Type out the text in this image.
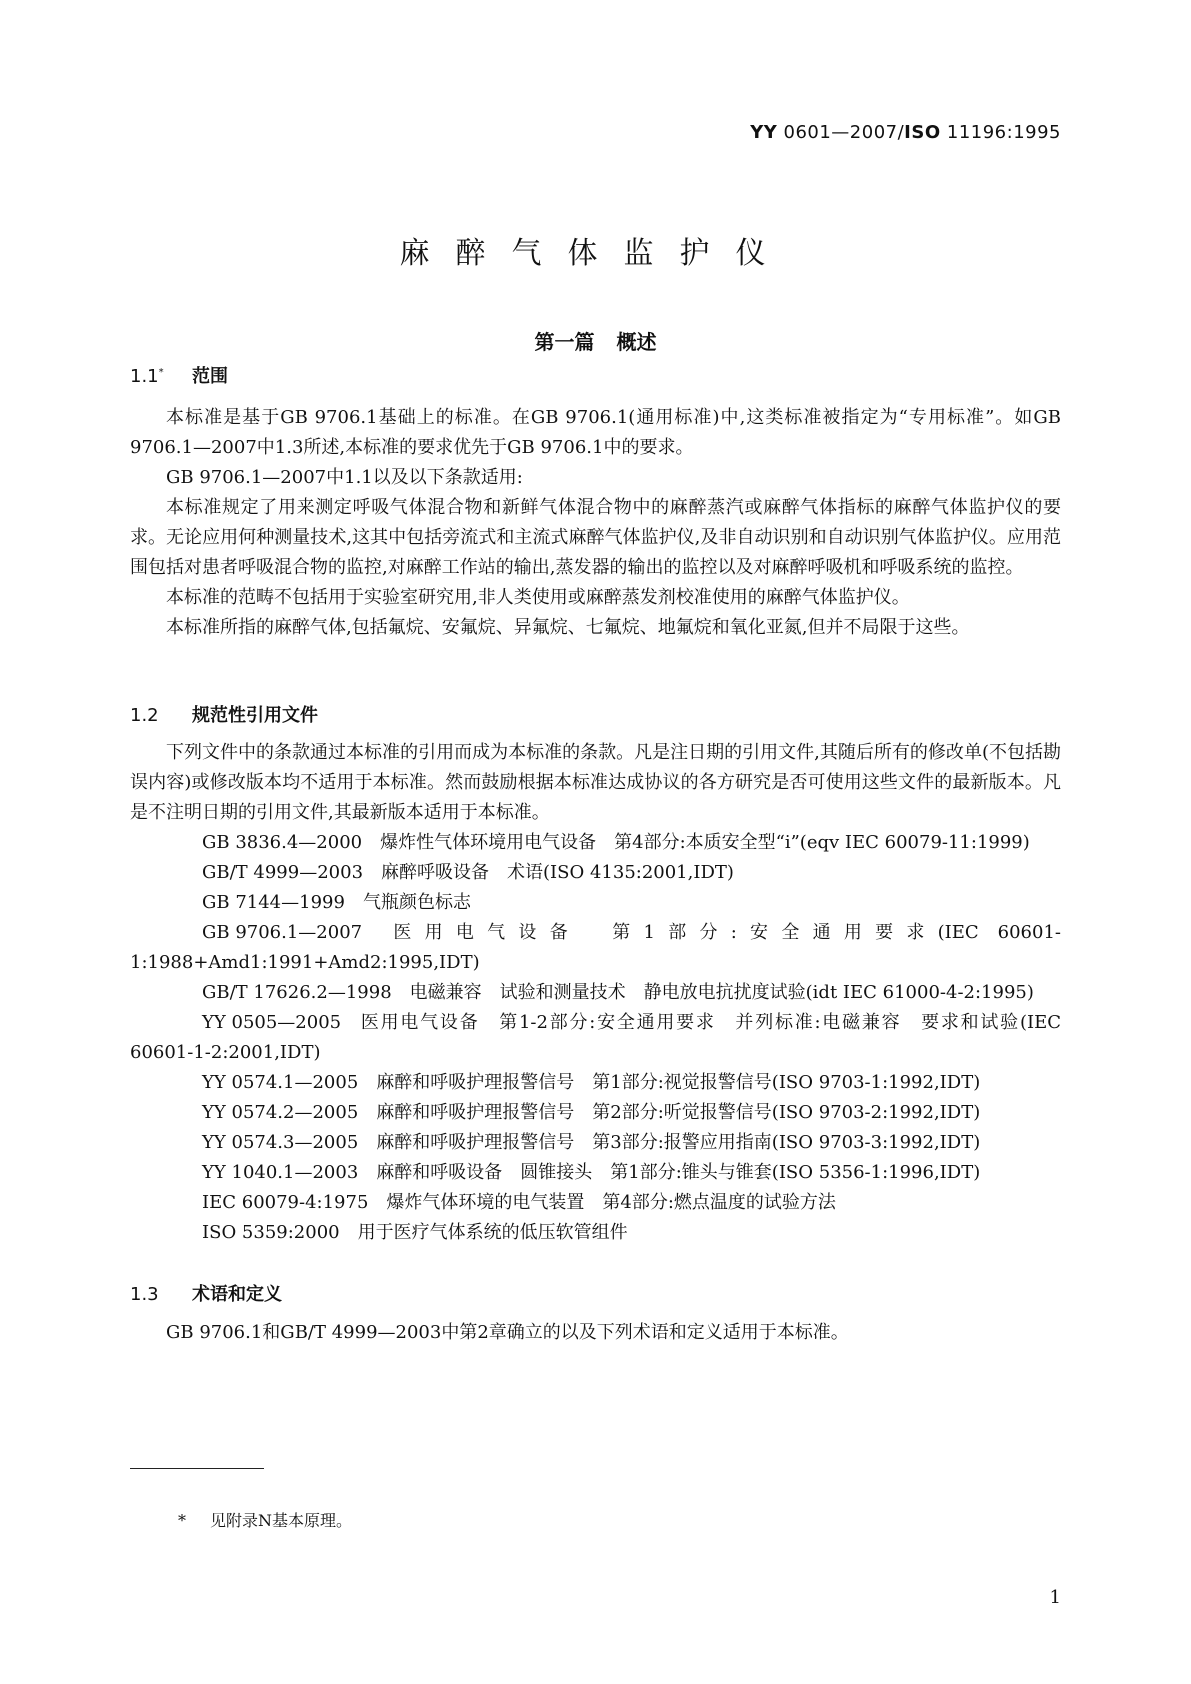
YY 0601—2007/ISO 11196:1995
麻醉气体监护仪
第一篇 概述
1.1* 范围

本标准是基于GB 9706.1基础上的标准。在GB 9706.1(通用标准)中,这类标准被指定为“专用标准”。如GB 9706.1—2007中1.3所述,本标准的要求优先于GB 9706.1中的要求。

GB 9706.1—2007中1.1以及以下条款适用:

本标准规定了用来测定呼吸气体混合物和新鲜气体混合物中的麻醉蒸汽或麻醉气体指标的麻醉气体监护仪的要求。无论应用何种测量技术,这其中包括旁流式和主流式麻醉气体监护仪,及非自动识别和自动识别气体监护仪。应用范围包括对患者呼吸混合物的监控,对麻醉工作站的输出,蒸发器的输出的监控以及对麻醉呼吸机和呼吸系统的监控。

本标准的范畴不包括用于实验室研究用,非人类使用或麻醉蒸发剂校准使用的麻醉气体监护仪。

本标准所指的麻醉气体,包括氟烷、安氟烷、异氟烷、七氟烷、地氟烷和氧化亚氮,但并不局限于这些。

1.2 规范性引用文件

下列文件中的条款通过本标准的引用而成为本标准的条款。凡是注日期的引用文件,其随后所有的修改单(不包括勘误内容)或修改版本均不适用于本标准。然而鼓励根据本标准达成协议的各方研究是否可使用这些文件的最新版本。凡是不注明日期的引用文件,其最新版本适用于本标准。

GB 3836.4—2000 爆炸性气体环境用电气设备　第4部分:本质安全型“i”(eqv IEC 60079-11:1999)

GB/T 4999—2003 麻醉呼吸设备　术语(ISO 4135:2001,IDT)

GB 7144—1999 气瓶颜色标志

GB 9706.1—2007 医用电气设备　第1部分:安全通用要求(IEC 60601-1:1988+Amd1:1991+Amd2:1995,IDT)

GB/T 17626.2—1998 电磁兼容　试验和测量技术　静电放电抗扰度试验(idt IEC 61000-4-2:1995)

YY 0505—2005 医用电气设备　第1-2部分:安全通用要求　并列标准:电磁兼容　要求和试验(IEC 60601-1-2:2001,IDT)

YY 0574.1—2005 麻醉和呼吸护理报警信号　第1部分:视觉报警信号(ISO 9703-1:1992,IDT)

YY 0574.2—2005 麻醉和呼吸护理报警信号　第2部分:听觉报警信号(ISO 9703-2:1992,IDT)

YY 0574.3—2005 麻醉和呼吸护理报警信号　第3部分:报警应用指南(ISO 9703-3:1992,IDT)

YY 1040.1—2003 麻醉和呼吸设备　圆锥接头　第1部分:锥头与锥套(ISO 5356-1:1996,IDT)

IEC 60079-4:1975 爆炸气体环境的电气装置　第4部分:燃点温度的试验方法

ISO 5359:2000 用于医疗气体系统的低压软管组件

1.3 术语和定义

GB 9706.1和GB/T 4999—2003中第2章确立的以及下列术语和定义适用于本标准。

* 见附录N基本原理。
1
